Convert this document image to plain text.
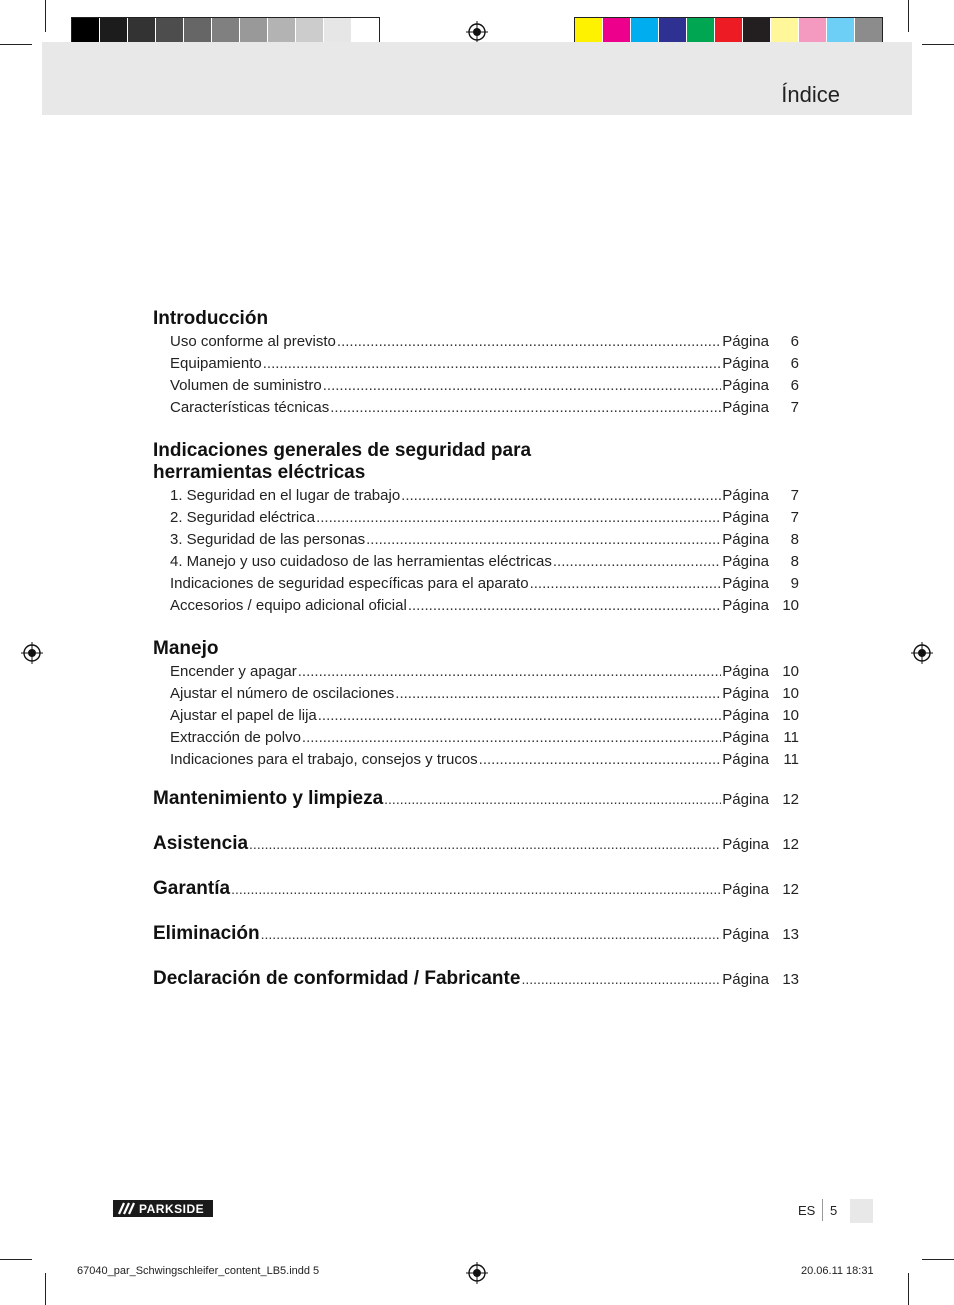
Índice
Introducción
Uso conforme al previsto .....	Página 6
Equipamiento .....	Página 6
Volumen de suministro .....	Página 6
Características técnicas .....	Página 7
Indicaciones generales de seguridad para
herramientas eléctricas
1. Seguridad en el lugar de trabajo .....	Página 7
2. Seguridad eléctrica .....	Página 7
3. Seguridad de las personas .....	Página 8
4. Manejo y uso cuidadoso de las herramientas eléctricas .....	Página 8
Indicaciones de seguridad específicas para el aparato .....	Página 9
Accesorios / equipo adicional oficial .....	Página 10
Manejo
Encender y apagar .....	Página 10
Ajustar el número de oscilaciones .....	Página 10
Ajustar el papel de lija .....	Página 10
Extracción de polvo .....	Página 11
Indicaciones para el trabajo, consejos y trucos .....	Página 11
Mantenimiento y limpieza .....	Página 12
Asistencia .....	Página 12
Garantía .....	Página 12
Eliminación .....	Página 13
Declaración de conformidad / Fabricante .....	Página 13
PARKSIDE	ES 5
67040_par_Schwingschleifer_content_LB5.indd 5	20.06.11 18:31
